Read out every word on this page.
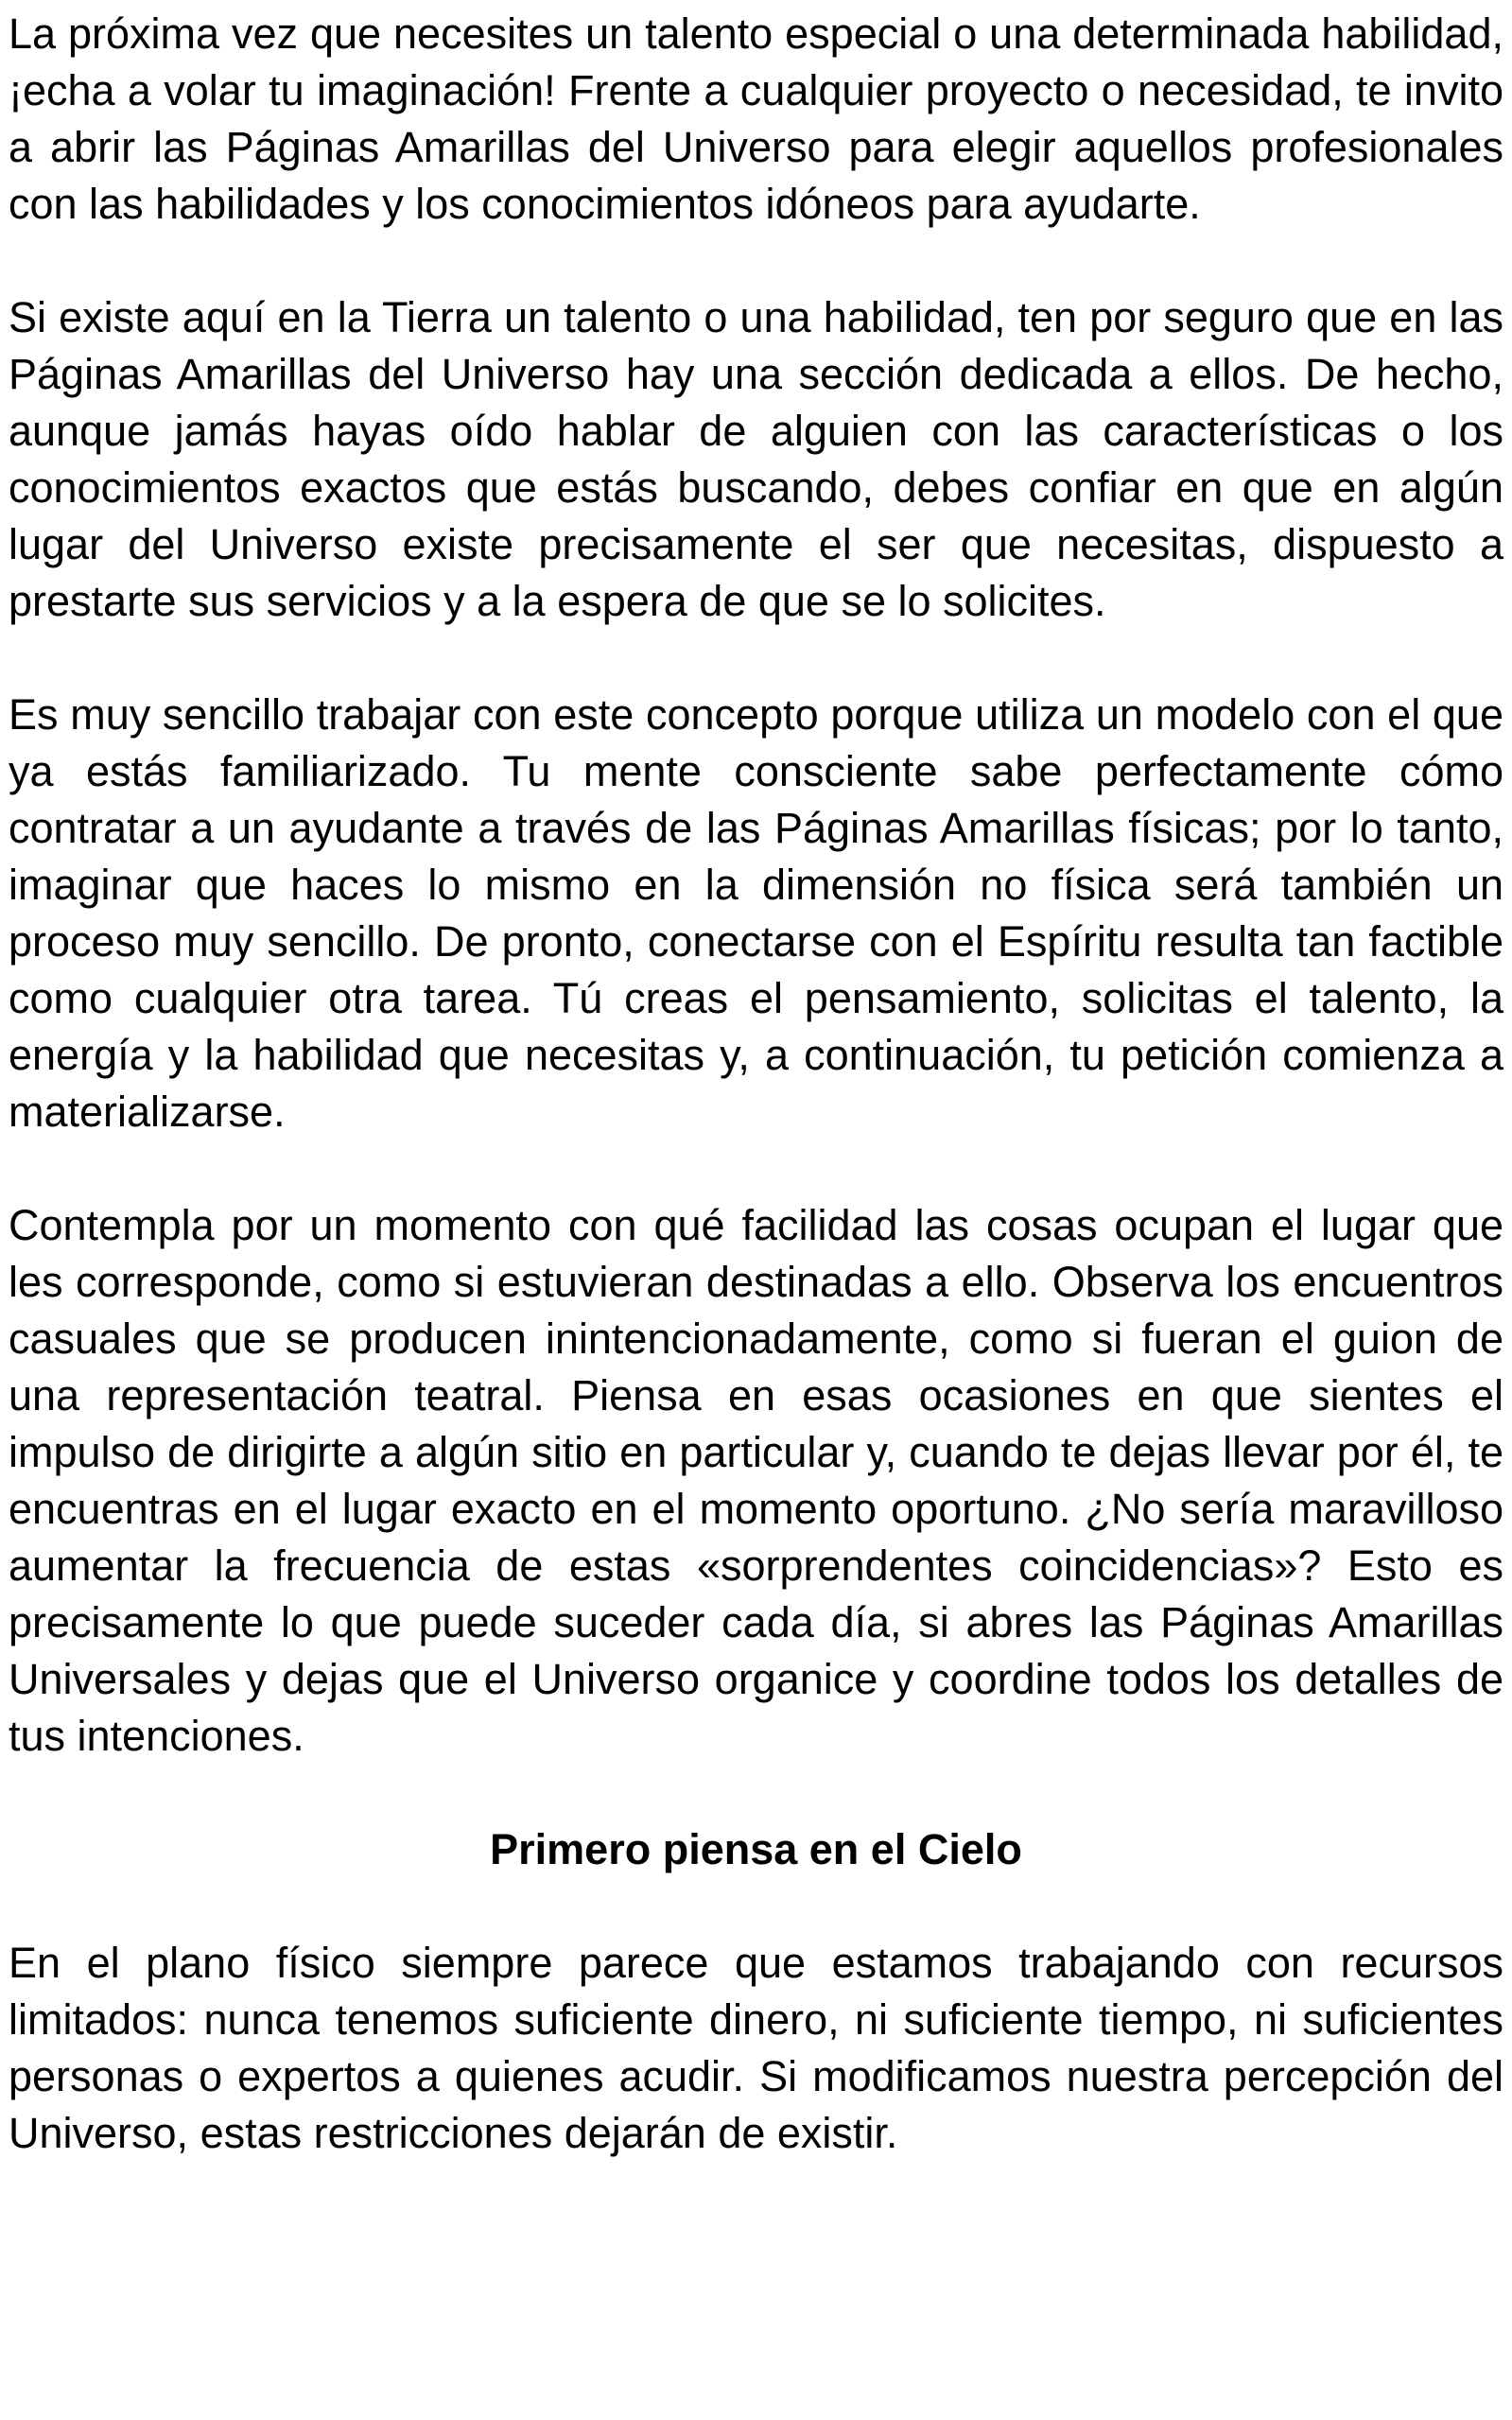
La próxima vez que necesites un talento especial o una determinada habilidad, ¡echa a volar tu imaginación! Frente a cualquier proyecto o necesidad, te invito a abrir las Páginas Amarillas del Universo para elegir aquellos profesionales con las habilidades y los conocimientos idóneos para ayudarte.

Si existe aquí en la Tierra un talento o una habilidad, ten por seguro que en las Páginas Amarillas del Universo hay una sección dedicada a ellos. De hecho, aunque jamás hayas oído hablar de alguien con las características o los conocimientos exactos que estás buscando, debes confiar en que en algún lugar del Universo existe precisamente el ser que necesitas, dispuesto a prestarte sus servicios y a la espera de que se lo solicites.

Es muy sencillo trabajar con este concepto porque utiliza un modelo con el que ya estás familiarizado. Tu mente consciente sabe perfectamente cómo contratar a un ayudante a través de las Páginas Amarillas físicas; por lo tanto, imaginar que haces lo mismo en la dimensión no física será también un proceso muy sencillo. De pronto, conectarse con el Espíritu resulta tan factible como cualquier otra tarea. Tú creas el pensamiento, solicitas el talento, la energía y la habilidad que necesitas y, a continuación, tu petición comienza a materializarse.

Contempla por un momento con qué facilidad las cosas ocupan el lugar que les corresponde, como si estuvieran destinadas a ello. Observa los encuentros casuales que se producen inintencionadamente, como si fueran el guion de una representación teatral. Piensa en esas ocasiones en que sientes el impulso de dirigirte a algún sitio en particular y, cuando te dejas llevar por él, te encuentras en el lugar exacto en el momento oportuno. ¿No sería maravilloso aumentar la frecuencia de estas «sorprendentes coincidencias»? Esto es precisamente lo que puede suceder cada día, si abres las Páginas Amarillas Universales y dejas que el Universo organice y coordine todos los detalles de tus intenciones.

Primero piensa en el Cielo

En el plano físico siempre parece que estamos trabajando con recursos limitados: nunca tenemos suficiente dinero, ni suficiente tiempo, ni suficientes personas o expertos a quienes acudir. Si modificamos nuestra percepción del Universo, estas restricciones dejarán de existir.
